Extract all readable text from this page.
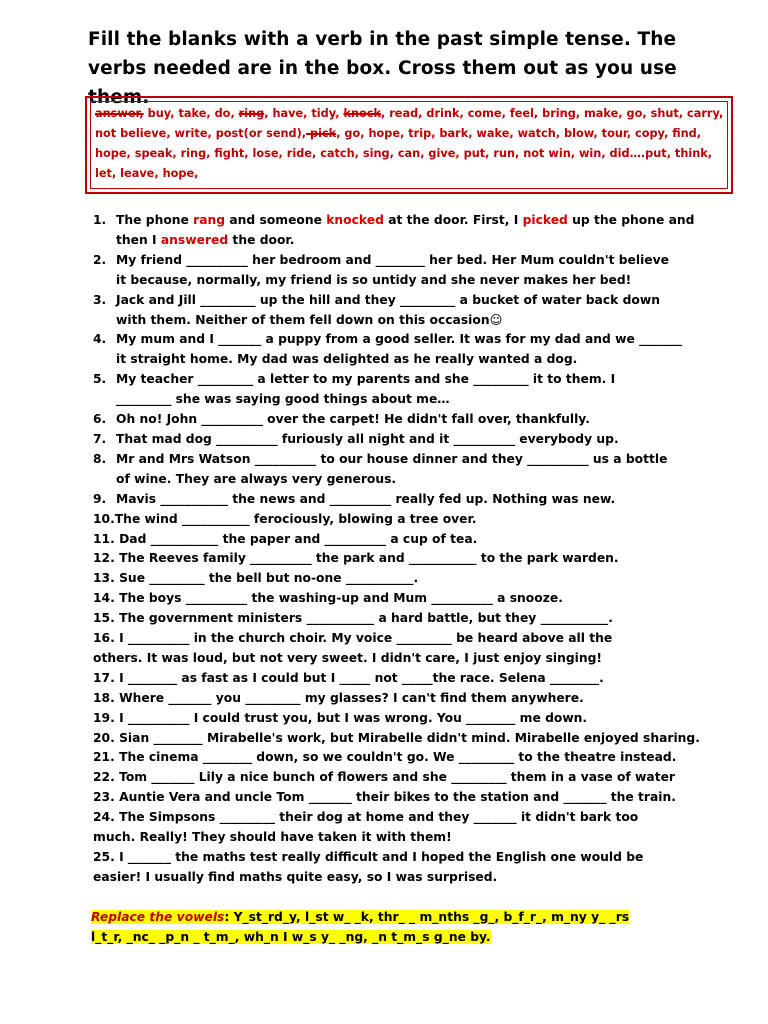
Fill the blanks with a verb in the past simple tense. The verbs needed are in the box. Cross them out as you use them.
answer, buy, take, do, ring, have, tidy, knock, read, drink, come, feel, bring, make, go, shut, carry, not believe, write, post(or send), pick, go, hope, trip, bark, wake, watch, blow, tour, copy, find, hope, speak, ring, fight, lose, ride, catch, sing, can, give, put, run, not win, win, did….put, think, let, leave, hope,
1. The phone rang and someone knocked at the door. First, I picked up the phone and
then I answered the door.
2. My friend __________ her bedroom and ________ her bed. Her Mum couldn't believe
it because, normally, my friend is so untidy and she never makes her bed!
3. Jack and Jill _________ up the hill and they _________ a bucket of water back down
with them. Neither of them fell down on this occasion☺
4. My mum and I _______ a puppy from a good seller. It was for my dad and we _______
it straight home. My dad was delighted as he really wanted a dog.
5. My teacher _________ a letter to my parents and she _________ it to them. I
_________ she was saying good things about me…
6. Oh no! John __________ over the carpet! He didn't fall over, thankfully.
7. That mad dog __________ furiously all night and it __________ everybody up.
8. Mr and Mrs Watson __________ to our house dinner and they __________ us a bottle
of wine. They are always very generous.
9. Mavis ___________ the news and __________ really fed up. Nothing was new.
10.The wind ___________ ferociously, blowing a tree over.
11. Dad ___________ the paper and __________ a cup of tea.
12. The Reeves family __________ the park and ___________ to the park warden.
13. Sue _________ the bell but no-one ___________.
14. The boys __________ the washing-up and Mum __________ a snooze.
15. The government ministers ___________ a hard battle, but they ___________.
16. I __________ in the church choir. My voice _________ be heard above all the
others. It was loud, but not very sweet. I didn't care, I just enjoy singing!
17. I ________ as fast as I could but I _____ not _____the race. Selena ________.
18. Where _______ you _________ my glasses? I can't find them anywhere.
19. I __________ I could trust you, but I was wrong. You ________ me down.
20. Sian ________ Mirabelle's work, but Mirabelle didn't mind. Mirabelle enjoyed sharing.
21. The cinema ________ down, so we couldn't go. We _________ to the theatre instead.
22. Tom _______ Lily a nice bunch of flowers and she _________ them in a vase of water
23. Auntie Vera and uncle Tom _______ their bikes to the station and _______ the train.
24. The Simpsons _________ their dog at home and they _______ it didn't bark too
much. Really! They should have taken it with them!
25. I _______ the maths test really difficult and I hoped the English one would be
easier! I usually find maths quite easy, so I was surprised.
Replace the vowels: Y_st_rd_y, l_st w_ _k, thr_ _ m_nths _g_, b_f_r_, m_ny y_ _rs
l_t_r, _nc_ _p_n _ t_m_, wh_n I w_s y_ _ng, _n t_m_s g_ne by.
